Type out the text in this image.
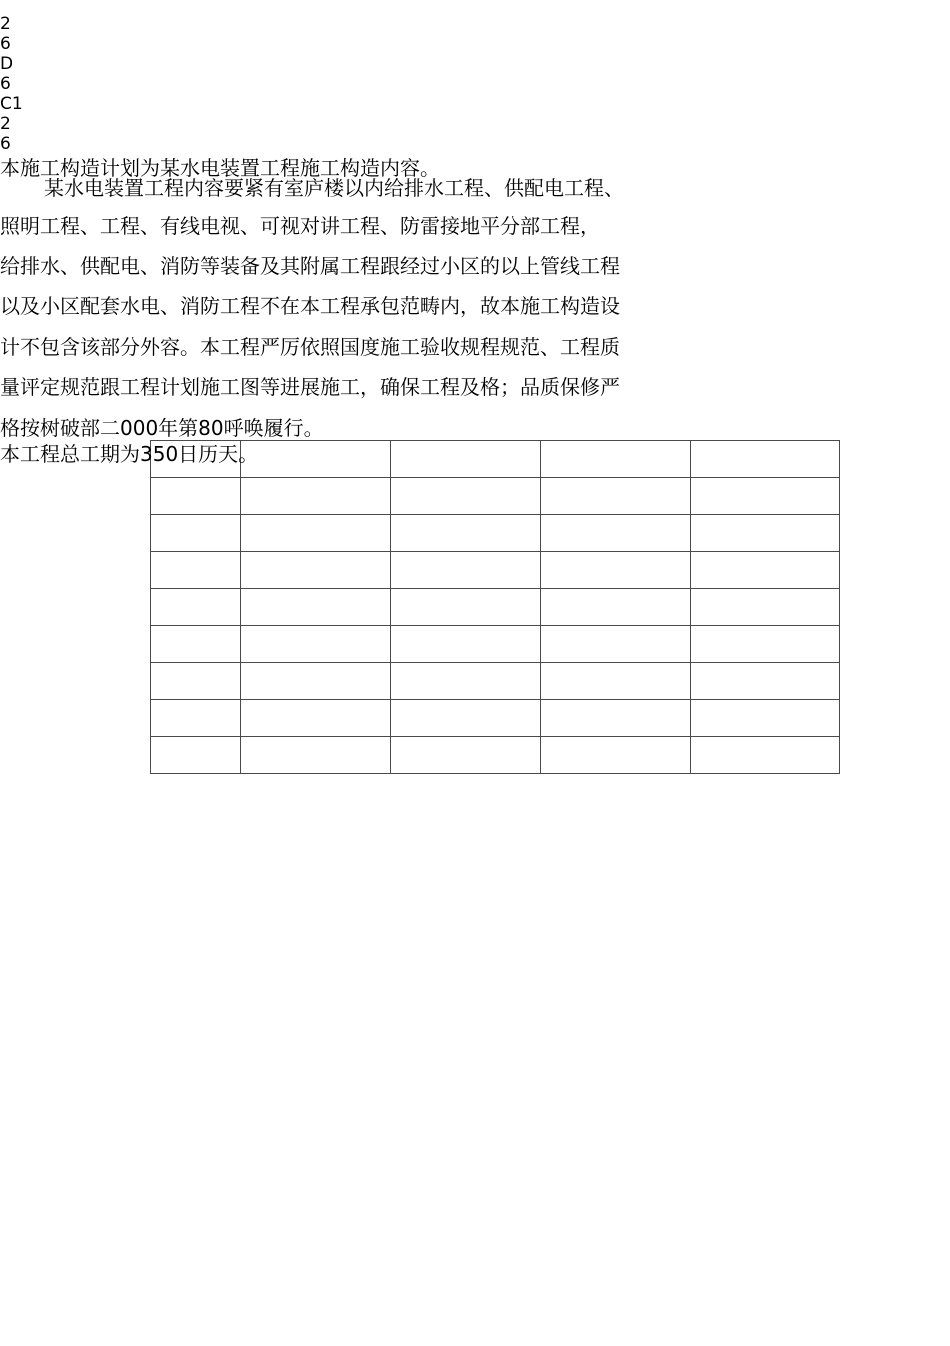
2
6
D
6
C1
2
6

本施工构造计划为某水电装置工程施工构造内容。
某水电装置工程内容要紧有室庐楼以内给排水工程、供配电工程、
照明工程、工程、有线电视、可视对讲工程、防雷接地平分部工程，
给排水、供配电、消防等装备及其附属工程跟经过小区的以上管线工程
以及小区配套水电、消防工程不在本工程承包范畴内，故本施工构造设
计不包含该部分外容。本工程严厉依照国度施工验收规程规范、工程质
量评定规范跟工程计划施工图等进展施工，确保工程及格；品质保修严
格按树破部二000年第80呼唤履行。
本工程总工期为350日历天。
